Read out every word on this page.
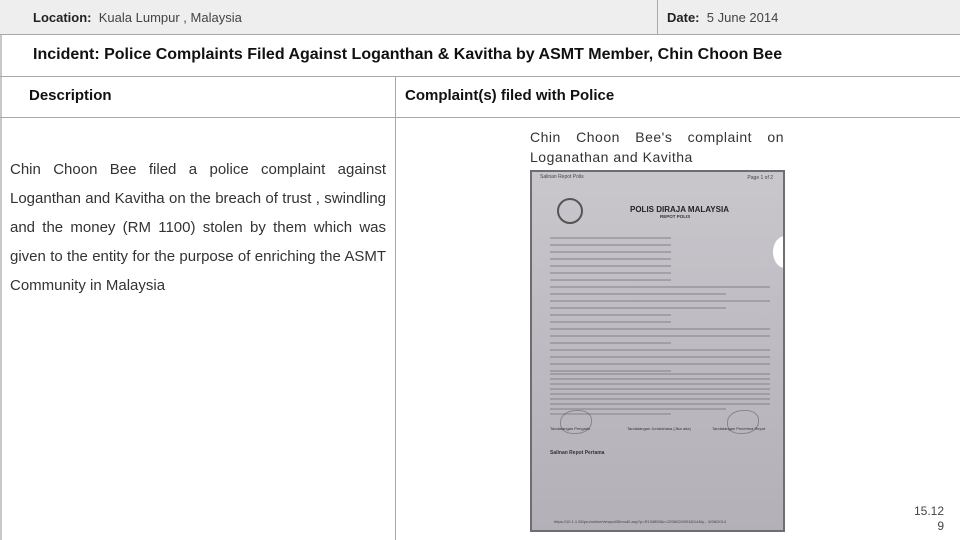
Location: Kuala Lumpur , Malaysia	Date: 5 June 2014
Incident: Police Complaints Filed Against Loganthan & Kavitha by ASMT Member, Chin Choon Bee
Description	Complaint(s) filed with Police
Chin Choon Bee filed a police complaint against Loganthan and Kavitha on the breach of trust , swindling and the money (RM 1100) stolen by them which was given to the entity for the purpose of enriching the ASMT Community in Malaysia
Chin Choon Bee's complaint on Loganathan and Kavitha
Salinan Repot Polis	Page 1 of 2
POLIS DIRAJA MALAYSIA
REPOT POLIS
Tandatangan Pengadu	Tandatangan Jurubahasa (Jika ada)	Tandatangan Penerima Repot
Salinan Repot Pertama
https://10.1.1.55/pru/online/viewpol35mod2.asp?p=R134855&r=220602/00918/14&ty... 5/06/2014
15.12
9
